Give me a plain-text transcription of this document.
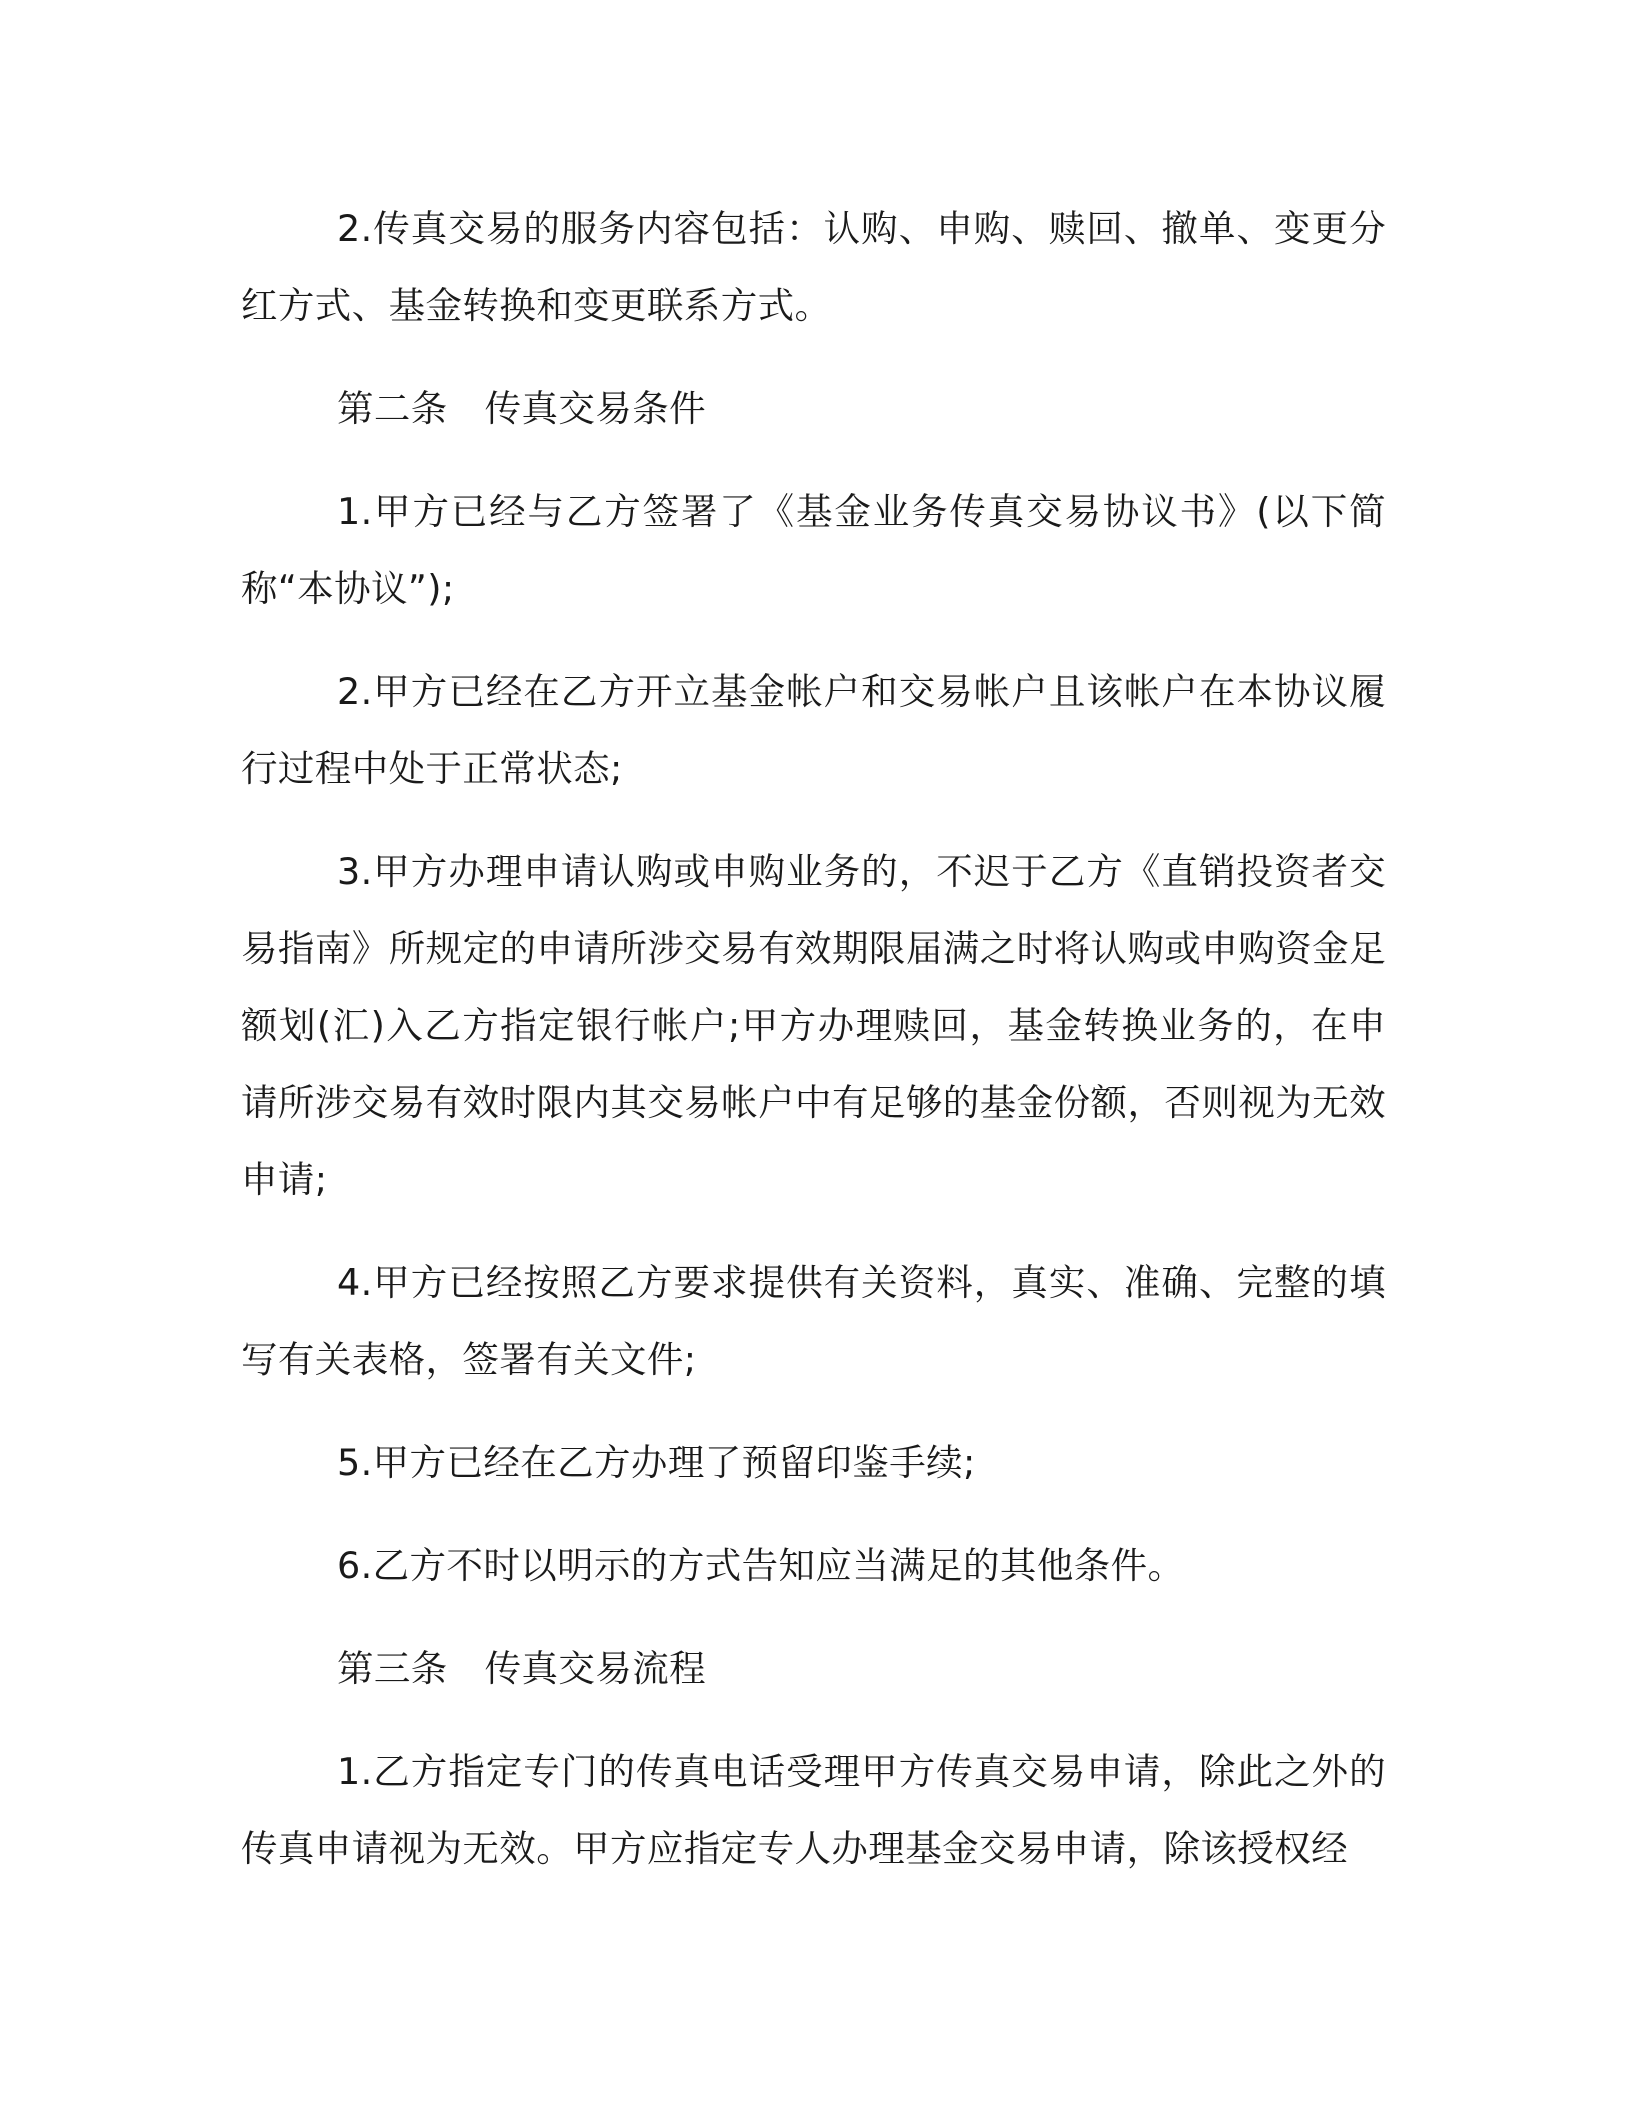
2.传真交易的服务内容包括：认购、申购、赎回、撤单、变更分红方式、基金转换和变更联系方式。

第二条　传真交易条件

1.甲方已经与乙方签署了《基金业务传真交易协议书》(以下简称“本协议”);

2.甲方已经在乙方开立基金帐户和交易帐户且该帐户在本协议履行过程中处于正常状态;

3.甲方办理申请认购或申购业务的，不迟于乙方《直销投资者交易指南》所规定的申请所涉交易有效期限届满之时将认购或申购资金足额划(汇)入乙方指定银行帐户;甲方办理赎回，基金转换业务的，在申请所涉交易有效时限内其交易帐户中有足够的基金份额，否则视为无效申请;

4.甲方已经按照乙方要求提供有关资料，真实、准确、完整的填写有关表格，签署有关文件;

5.甲方已经在乙方办理了预留印鉴手续;

6.乙方不时以明示的方式告知应当满足的其他条件。

第三条　传真交易流程

1.乙方指定专门的传真电话受理甲方传真交易申请，除此之外的传真申请视为无效。甲方应指定专人办理基金交易申请，除该授权经
